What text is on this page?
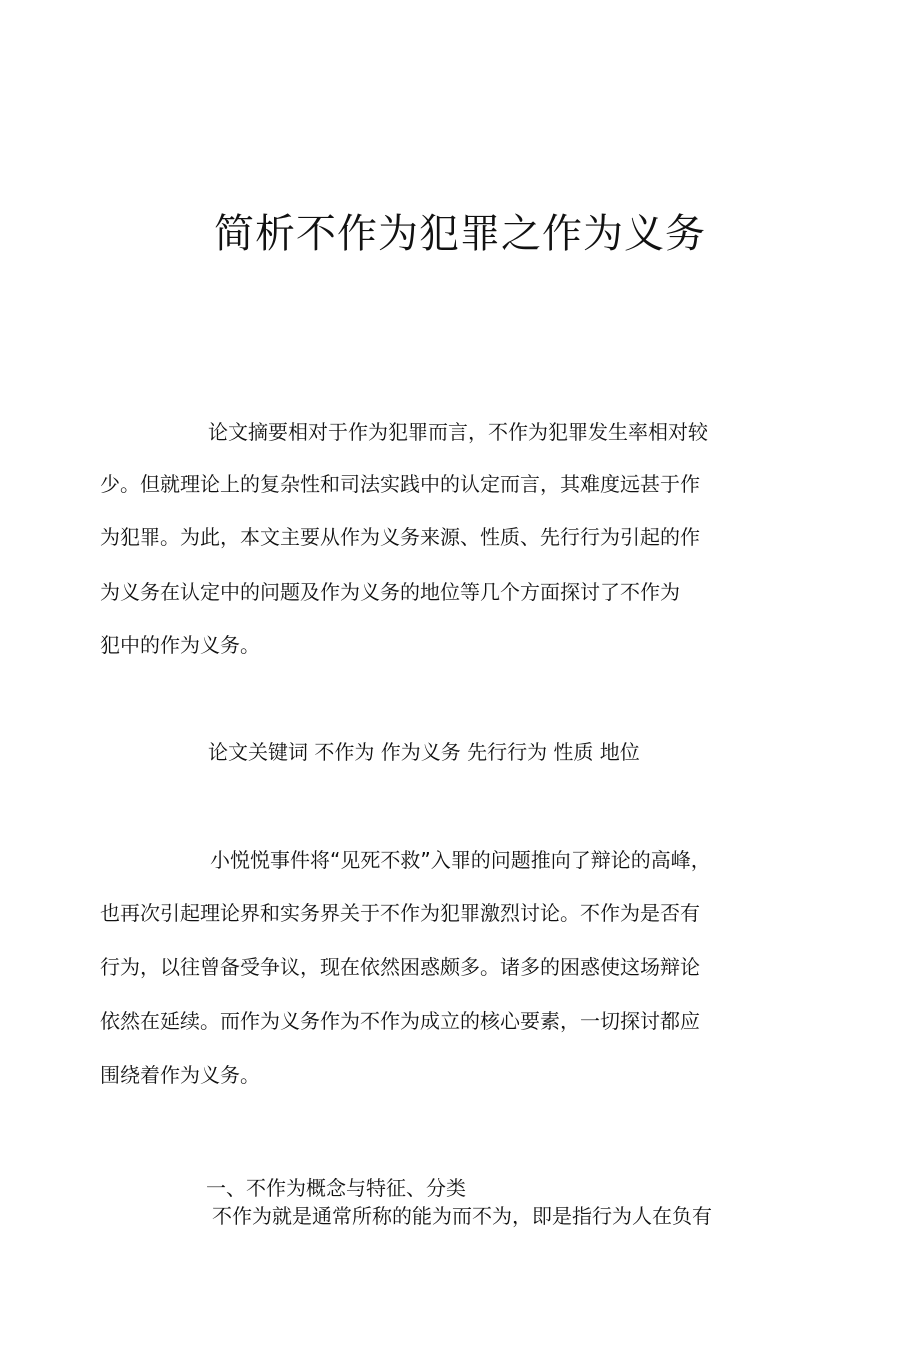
简析不作为犯罪之作为义务

论文摘要相对于作为犯罪而言，不作为犯罪发生率相对较

少。但就理论上的复杂性和司法实践中的认定而言，其难度远甚于作

为犯罪。为此，本文主要从作为义务来源、性质、先行行为引起的作

为义务在认定中的问题及作为义务的地位等几个方面探讨了不作为

犯中的作为义务。

论文关键词 不作为 作为义务 先行行为 性质 地位

小悦悦事件将“见死不救”入罪的问题推向了辩论的高峰，

也再次引起理论界和实务界关于不作为犯罪激烈讨论。不作为是否有

行为，以往曾备受争议，现在依然困惑颇多。诸多的困惑使这场辩论

依然在延续。而作为义务作为不作为成立的核心要素，一切探讨都应

围绕着作为义务。

一、不作为概念与特征、分类

不作为就是通常所称的能为而不为，即是指行为人在负有
